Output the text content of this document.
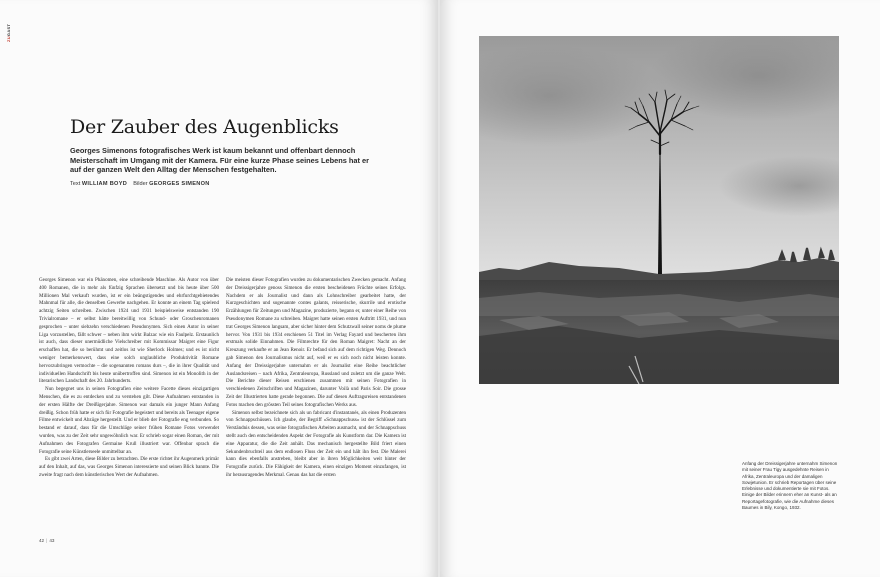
ZUGAST
Der Zauber des Augenblicks
Georges Simenons fotografisches Werk ist kaum bekannt und offenbart dennoch Meisterschaft im Umgang mit der Kamera. Für eine kurze Phase seines Lebens hat er auf der ganzen Welt den Alltag der Menschen festgehalten.
Text WILLIAM BOYD Bilder GEORGES SIMENON

Georges Simenon war ein Phänomen, eine schreibende Maschine. Als Autor von über 400 Romanen, die in mehr als fünfzig Sprachen übersetzt und bis heute über 500 Millionen Mal verkauft wurden, ist er ein beängstigendes und ehrfurchtgebietendes Mahnmal für alle, die denselben Gewerbe nachgehen. Er konnte an einem Tag spielend achtzig Seiten schreiben. Zwischen 1924 und 1931 beispielsweise entstanden 190 Trivialromane – er selbst hätte bereitwillig von Schund- oder Groschenromanen gesprochen – unter siebzehn verschiedenen Pseudonymen. Sich einen Autor in seiner Liga vorzustellen, fällt schwer – neben ihm wirkt Balzac wie ein Faulpelz. Erstaunlich ist auch, dass dieser unermüdliche Vielschreiber mit Kommissar Maigret eine Figur erschaffen hat, die so berühmt und zeitlos ist wie Sherlock Holmes; und es ist nicht weniger bemerkenswert, dass eine solch unglaubliche Produktivität Romane hervorzubringen vermochte – die sogenannten romans durs –, die in ihrer Qualität und individuellen Handschrift bis heute unübertroffen sind. Simenon ist ein Monolith in der literarischen Landschaft des 20. Jahrhunderts.

Nun begegnet uns in seinen Fotografien eine weitere Facette dieses einzigartigen Menschen, die es zu entdecken und zu verstehen gilt. Diese Aufnahmen entstanden in der ersten Hälfte der Dreißigerjahre. Simenon war damals ein junger Mann Anfang dreißig. Schon früh hatte er sich für Fotografie begeistert und bereits als Teenager eigene Filme entwickelt und Abzüge hergestellt. Und er blieb der Fotografie eng verbunden. So bestand er darauf, dass für die Umschläge seiner frühen Romane Fotos verwendet wurden, was zu der Zeit sehr ungewöhnlich war. Er schrieb sogar einen Roman, der mit Aufnahmen des Fotografen Germaine Krull illustriert war. Offenbar sprach die Fotografie seine Künstlerseele unmittelbar an.

Es gibt zwei Arten, diese Bilder zu betrachten. Die erste richtet ihr Augenmerk primär auf den Inhalt, auf das, was Georges Simenon interessierte und seinen Blick bannte. Die zweite fragt nach dem künstlerischen Wert der Aufnahmen.

Die meisten dieser Fotografien wurden zu dokumentarischen Zwecken gemacht. Anfang der Dreissigerjahre genoss Simenon die ersten bescheidenen Früchte seines Erfolgs. Nachdem er als Journalist und dann als Lohnschreiber gearbeitet hatte, der Kurzgeschichten und sogenannte contes galants, reisserische, skurrile und erotische Erzählungen für Zeitungen und Magazine, produzierte, begann er, unter einer Reihe von Pseudonymen Romane zu schreiben. Maigret hatte seinen ersten Auftritt 1931, und nun trat Georges Simenon langsam, aber sicher hinter dem Schutzwall seiner noms de plume hervor. Von 1931 bis 1934 erschienen 51 Titel im Verlag Fayard und bescherten ihm erstmals solide Einnahmen. Die Filmrechte für den Roman Maigret: Nacht an der Kreuzung verkaufte er an Jean Renoir. Er befand sich auf dem richtigen Weg. Dennoch gab Simenon den Journalismus nicht auf, weil er es sich noch nicht leisten konnte. Anfang der Dreissigerjahre unternahm er als Journalist eine Reihe beachtlicher Auslandsreisen – nach Afrika, Zentraleuropa, Russland und zuletzt um die ganze Welt. Die Berichte dieser Reisen erschienen zusammen mit seinen Fotografien in verschiedenen Zeitschriften und Magazinen, darunter Voilà und Paris Soir. Die grosse Zeit der Illustrierten hatte gerade begonnen. Die auf diesen Auftragsreisen entstandenen Fotos machen den grössten Teil seines fotografischen Werks aus.

Simenon selbst bezeichnete sich als un fabricant d'instantanés, als einen Produzenten von Schnappschüssen. Ich glaube, der Begriff «Schnappschuss» ist der Schlüssel zum Verständnis dessen, was seine fotografischen Arbeiten ausmacht, und der Schnappschuss stellt auch den entscheidenden Aspekt der Fotografie als Kunstform dar. Die Kamera ist eine Apparatur, die die Zeit anhält. Das mechanisch hergestellte Bild friert einen Sekundenbruchteil aus dem endlosen Fluss der Zeit ein und hält ihn fest. Die Malerei kann dies ebenfalls anstreben, bleibt aber in ihren Möglichkeiten weit hinter der Fotografie zurück. Die Fähigkeit der Kamera, einen einzigen Moment einzufangen, ist ihr herausragendes Merkmal. Genau das hat die ersten

42 | 43
Anfang der Dreissigerjahre unternahm Simenon mit seiner Frau Tigy ausgedehnte Reisen in Afrika, Zentraleuropa und der damaligen Sowjetunion. Er schrieb Reportagen über seine Erlebnisse und dokumentierte sie mit Fotos. Einige der Bilder erinnern eher an Kunst- als an Reportagefotografie, wie die Aufnahme dieses Baumes in Bily, Kongo, 1932.
